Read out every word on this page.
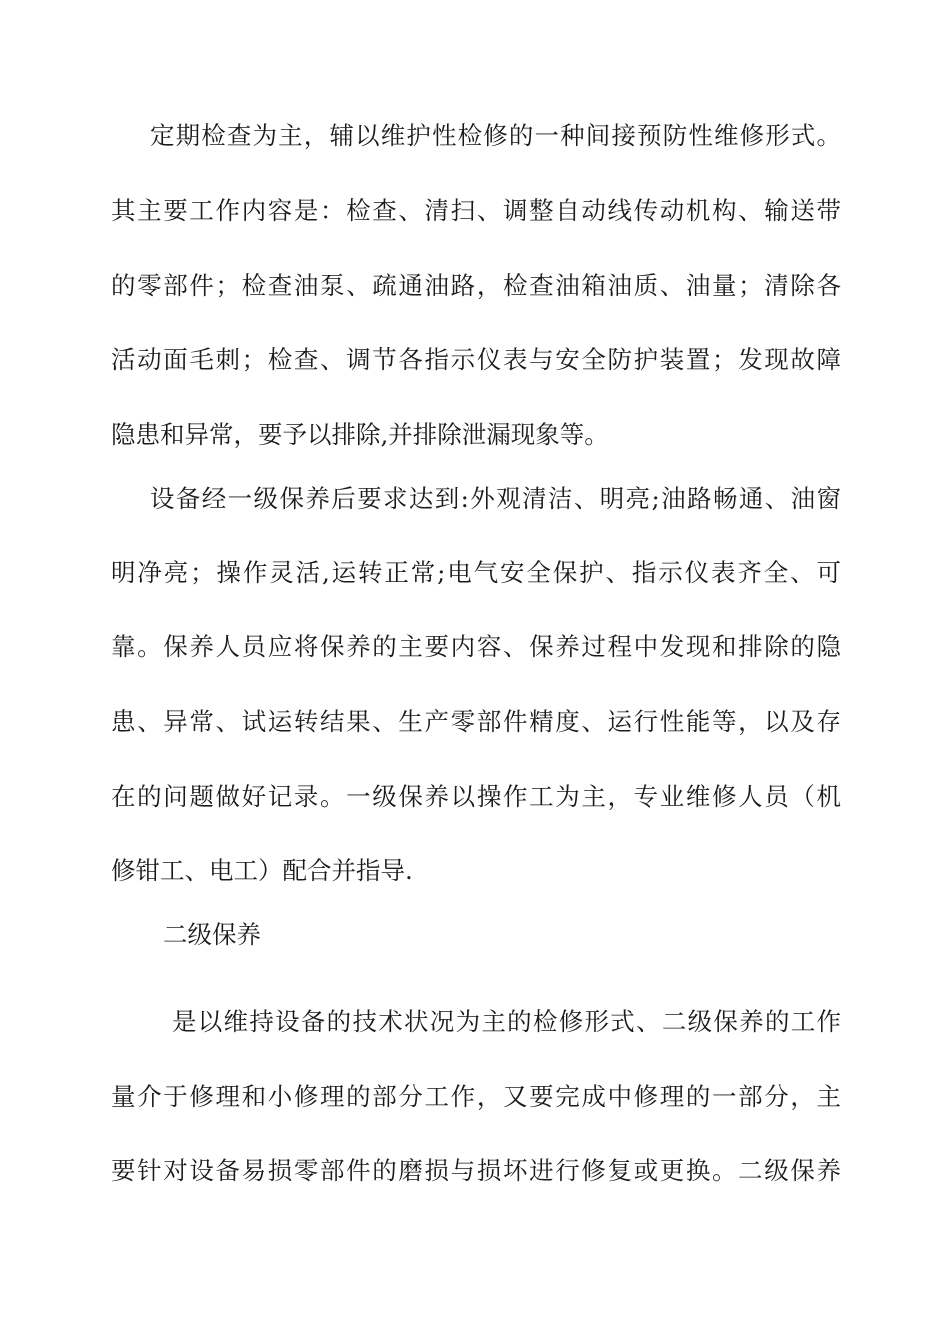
定期检查为主，辅以维护性检修的一种间接预防性维修形式。
其主要工作内容是：检查、清扫、调整自动线传动机构、输送带
的零部件；检查油泵、疏通油路，检查油箱油质、油量；清除各
活动面毛刺；检查、调节各指示仪表与安全防护装置；发现故障
隐患和异常，要予以排除,并排除泄漏现象等。
设备经一级保养后要求达到:外观清洁、明亮;油路畅通、油窗
明净亮；操作灵活,运转正常;电气安全保护、指示仪表齐全、可
靠。保养人员应将保养的主要内容、保养过程中发现和排除的隐
患、异常、试运转结果、生产零部件精度、运行性能等，以及存
在的问题做好记录。一级保养以操作工为主，专业维修人员（机
修钳工、电工）配合并指导.
二级保养
是以维持设备的技术状况为主的检修形式、二级保养的工作
量介于修理和小修理的部分工作，又要完成中修理的一部分，主
要针对设备易损零部件的磨损与损坏进行修复或更换。二级保养
